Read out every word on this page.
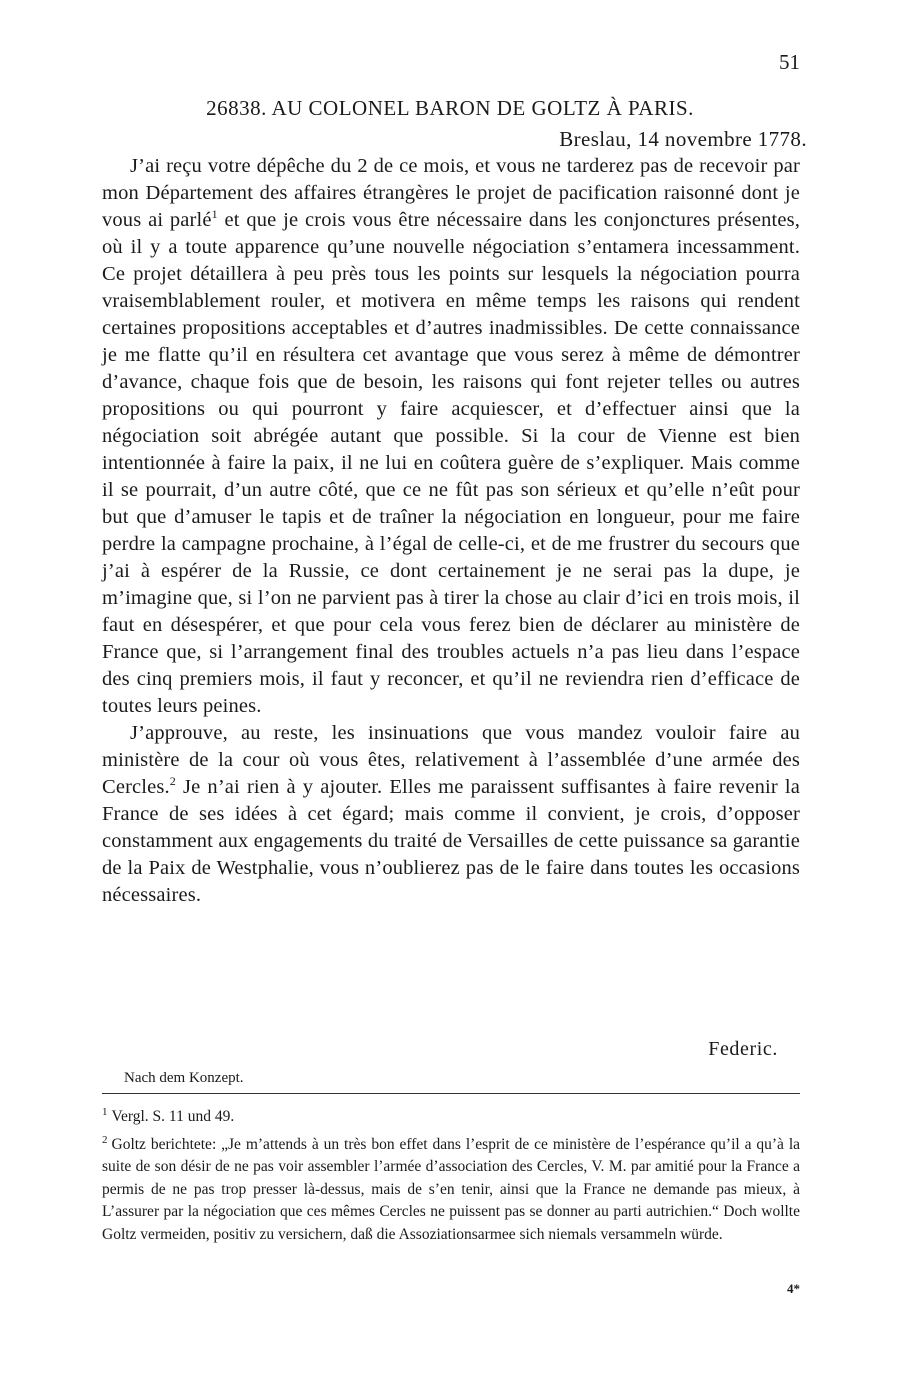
51
26838. AU COLONEL BARON DE GOLTZ À PARIS.
Breslau, 14 novembre 1778.

J’ai reçu votre dépêche du 2 de ce mois, et vous ne tarderez pas de recevoir par mon Département des affaires étrangères le projet de pacification raisonné dont je vous ai parlé$^1$ et que je crois vous être nécessaire dans les conjonctures présentes, où il y a toute apparence qu’une nouvelle négociation s’entamera incessamment. Ce projet détaillera à peu près tous les points sur lesquels la négociation pourra vraisemblablement rouler, et motivera en même temps les raisons qui rendent certaines propositions acceptables et d’autres inadmissibles. De cette connaissance je me flatte qu’il en résultera cet avantage que vous serez à même de démontrer d’avance, chaque fois que de besoin, les raisons qui font rejeter telles ou autres propositions ou qui pourront y faire acquiescer, et d’effectuer ainsi que la négociation soit abrégée autant que possible. Si la cour de Vienne est bien intentionnée à faire la paix, il ne lui en coûtera guère de s’expliquer. Mais comme il se pourrait, d’un autre côté, que ce ne fût pas son sérieux et qu’elle n’eût pour but que d’amuser le tapis et de traîner la négociation en longueur, pour me faire perdre la campagne prochaine, à l’égal de celle-ci, et de me frustrer du secours que j’ai à espérer de la Russie, ce dont certainement je ne serai pas la dupe, je m’imagine que, si l’on ne parvient pas à tirer la chose au clair d’ici en trois mois, il faut en désespérer, et que pour cela vous ferez bien de déclarer au ministère de France que, si l’arrangement final des troubles actuels n’a pas lieu dans l’espace des cinq premiers mois, il faut y reconcer, et qu’il ne reviendra rien d’efficace de toutes leurs peines.

J’approuve, au reste, les insinuations que vous mandez vouloir faire au ministère de la cour où vous êtes, relativement à l’assemblée d’une armée des Cercles.$^2$ Je n’ai rien à y ajouter. Elles me paraissent suffisantes à faire revenir la France de ses idées à cet égard; mais comme il convient, je crois, d’opposer constamment aux engagements du traité de Versailles de cette puissance sa garantie de la Paix de Westphalie, vous n’oublierez pas de le faire dans toutes les occasions nécessaires.

Federic.
Nach dem Konzept.

$^1$ Vergl. S. 11 und 49.

$^2$ Goltz berichtete: „Je m’attends à un très bon effet dans l’esprit de ce ministère de l’espérance qu’il a qu’à la suite de son désir de ne pas voir assembler l’armée d’association des Cercles, V. M. par amitié pour la France a permis de ne pas trop presser là-dessus, mais de s’en tenir, ainsi que la France ne demande pas mieux, à L’assurer par la négociation que ces mêmes Cercles ne puissent pas se donner au parti autrichien.“ Doch wollte Goltz vermeiden, positiv zu versichern, daß die Assoziationsarmee sich niemals versammeln würde.

4*
